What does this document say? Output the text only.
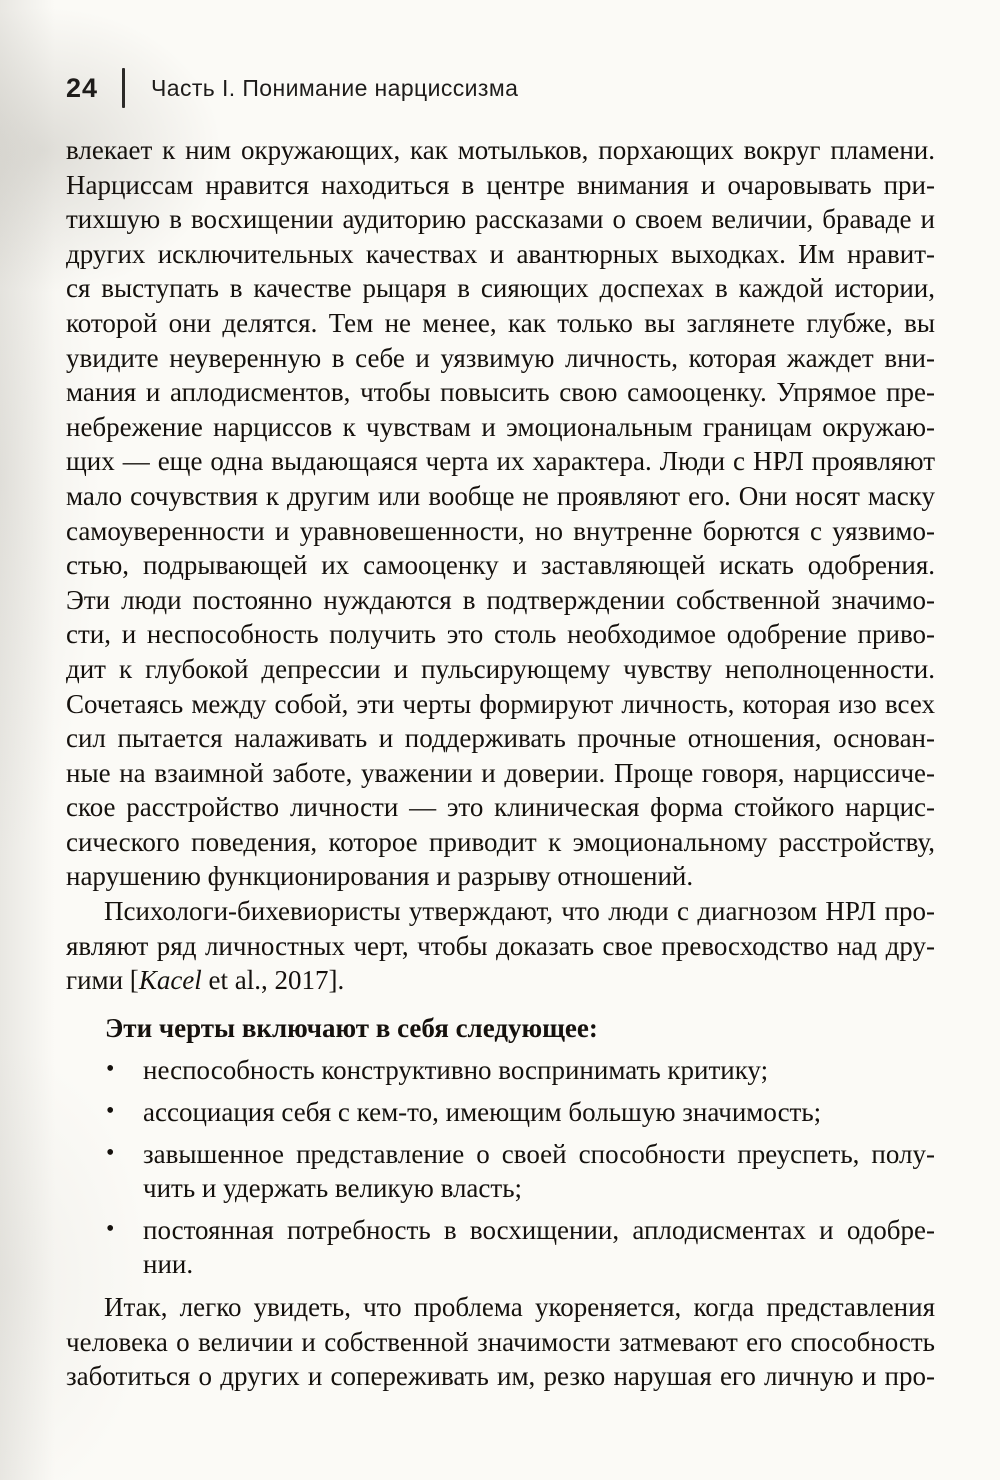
24 Часть I. Понимание нарциссизма
влекает к ним окружающих, как мотыльков, порхающих вокруг пламени.
Нарциссам нравится находиться в центре внимания и очаровывать при-
тихшую в восхищении аудиторию рассказами о своем величии, браваде и
других исключительных качествах и авантюрных выходках. Им нравит-
ся выступать в качестве рыцаря в сияющих доспехах в каждой истории,
которой они делятся. Тем не менее, как только вы заглянете глубже, вы
увидите неуверенную в себе и уязвимую личность, которая жаждет вни-
мания и аплодисментов, чтобы повысить свою самооценку. Упрямое пре-
небрежение нарциссов к чувствам и эмоциональным границам окружаю-
щих — еще одна выдающаяся черта их характера. Люди с НРЛ проявляют
мало сочувствия к другим или вообще не проявляют его. Они носят маску
самоуверенности и уравновешенности, но внутренне борются с уязвимо-
стью, подрывающей их самооценку и заставляющей искать одобрения.
Эти люди постоянно нуждаются в подтверждении собственной значимо-
сти, и неспособность получить это столь необходимое одобрение приво-
дит к глубокой депрессии и пульсирующему чувству неполноценности.
Сочетаясь между собой, эти черты формируют личность, которая изо всех
сил пытается налаживать и поддерживать прочные отношения, основан-
ные на взаимной заботе, уважении и доверии. Проще говоря, нарциссиче-
ское расстройство личности — это клиническая форма стойкого нарцис-
сического поведения, которое приводит к эмоциональному расстройству,
нарушению функционирования и разрыву отношений.
Психологи-бихевиористы утверждают, что люди с диагнозом НРЛ про-
являют ряд личностных черт, чтобы доказать свое превосходство над дру-
гими [Kacel et al., 2017].
Эти черты включают в себя следующее:
• неспособность конструктивно воспринимать критику;
• ассоциация себя с кем-то, имеющим большую значимость;
• завышенное представление о своей способности преуспеть, полу-
чить и удержать великую власть;
• постоянная потребность в восхищении, аплодисментах и одобре-
нии.
Итак, легко увидеть, что проблема укореняется, когда представления
человека о величии и собственной значимости затмевают его способность
заботиться о других и сопереживать им, резко нарушая его личную и про-
